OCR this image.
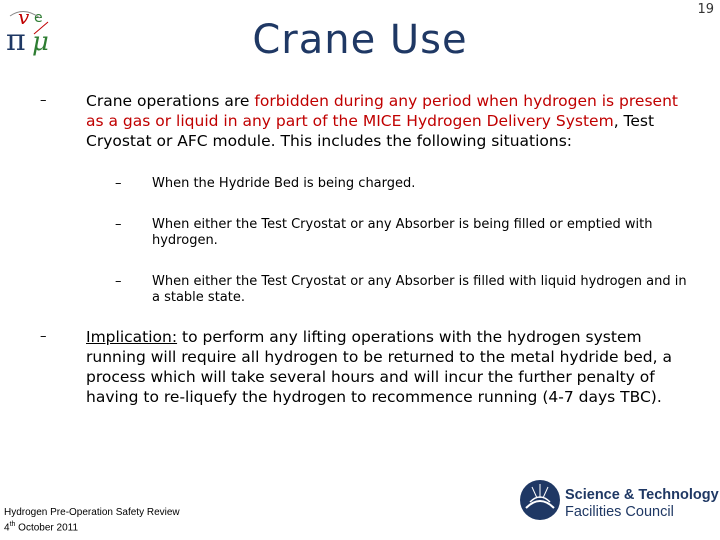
v e
π μ	Crane Use
19
–	Crane operations are forbidden during any period when hydrogen is present as a gas or liquid in any part of the MICE Hydrogen Delivery System, Test Cryostat or AFC module. This includes the following situations:
– When the Hydride Bed is being charged.
– When either the Test Cryostat or any Absorber is being filled or emptied with hydrogen.
– When either the Test Cryostat or any Absorber is filled with liquid hydrogen and in a stable state.
–	Implication: to perform any lifting operations with the hydrogen system running will require all hydrogen to be returned to the metal hydride bed, a process which will take several hours and will incur the further penalty of having to re-liquefy the hydrogen to recommence running (4-7 days TBC).
Hydrogen Pre-Operation Safety Review
4th October 2011
Science & Technology
Facilities Council
